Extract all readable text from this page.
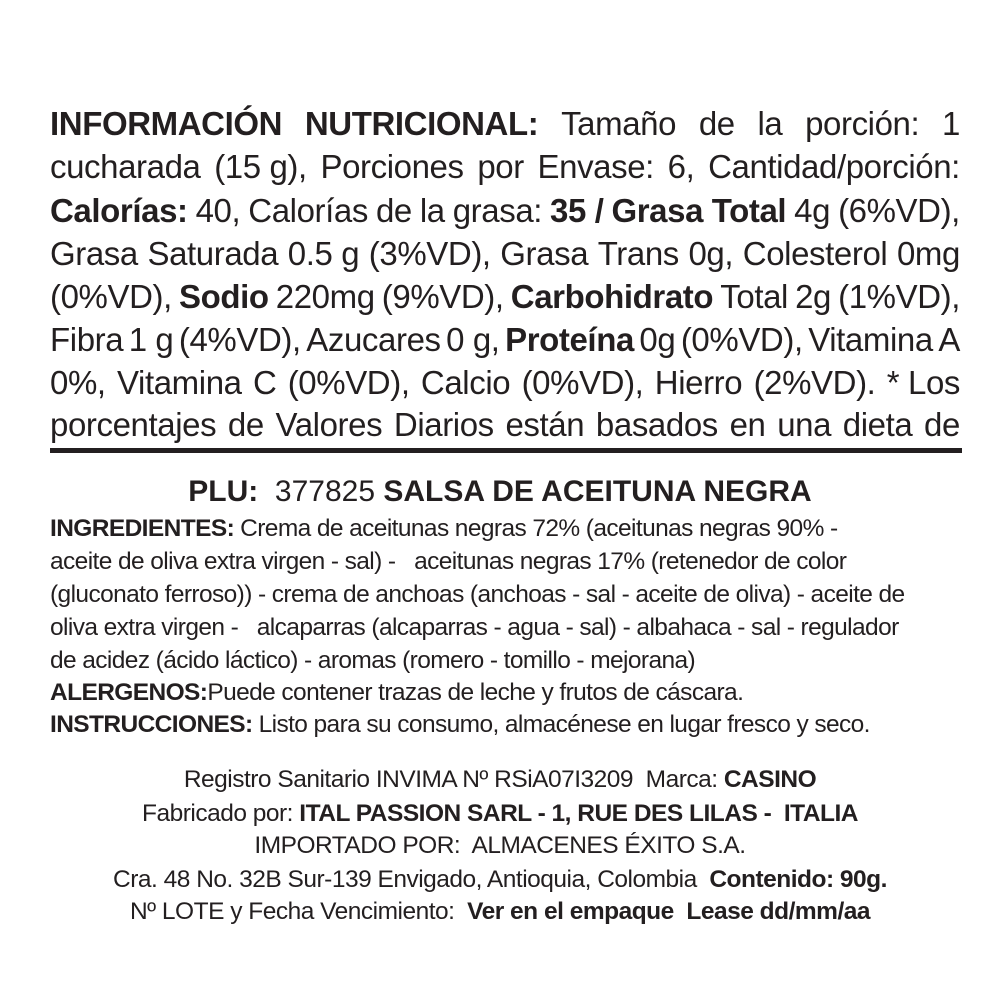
INFORMACIÓN NUTRICIONAL: Tamaño de la porción: 1

cucharada (15 g), Porciones por Envase: 6, Cantidad/porción:

Calorías: 40, Calorías de la grasa: 35 / Grasa Total 4g (6%VD),

Grasa Saturada 0.5 g (3%VD), Grasa Trans 0g, Colesterol 0mg

(0%VD), Sodio 220mg (9%VD), Carbohidrato Total 2g (1%VD),

Fibra 1 g (4%VD), Azucares 0 g, Proteína 0g (0%VD), Vitamina A

0%, Vitamina C (0%VD), Calcio (0%VD), Hierro (2%VD). * Los

porcentajes de Valores Diarios están basados en una dieta de

PLU: 377825 SALSA DE ACEITUNA NEGRA

INGREDIENTES: Crema de aceitunas negras 72% (aceitunas negras 90% -

aceite de oliva extra virgen - sal) -   aceitunas negras 17% (retenedor de color

(gluconato ferroso)) - crema de anchoas (anchoas - sal - aceite de oliva) - aceite de

oliva extra virgen -   alcaparras (alcaparras - agua - sal) - albahaca - sal - regulador

de acidez (ácido láctico) - aromas (romero - tomillo - mejorana)

ALERGENOS: Puede contener trazas de leche y frutos de cáscara.

INSTRUCCIONES: Listo para su consumo, almacénese en lugar fresco y seco.

Registro Sanitario INVIMA Nº RSiA07I3209  Marca: CASINO

Fabricado por: ITAL PASSION SARL - 1, RUE DES LILAS -  ITALIA

IMPORTADO POR:  ALMACENES ÉXITO S.A.

Cra. 48 No. 32B Sur-139 Envigado, Antioquia, Colombia Contenido: 90g.

Nº LOTE y Fecha Vencimiento: Ver en el empaque  Lease dd/mm/aa
